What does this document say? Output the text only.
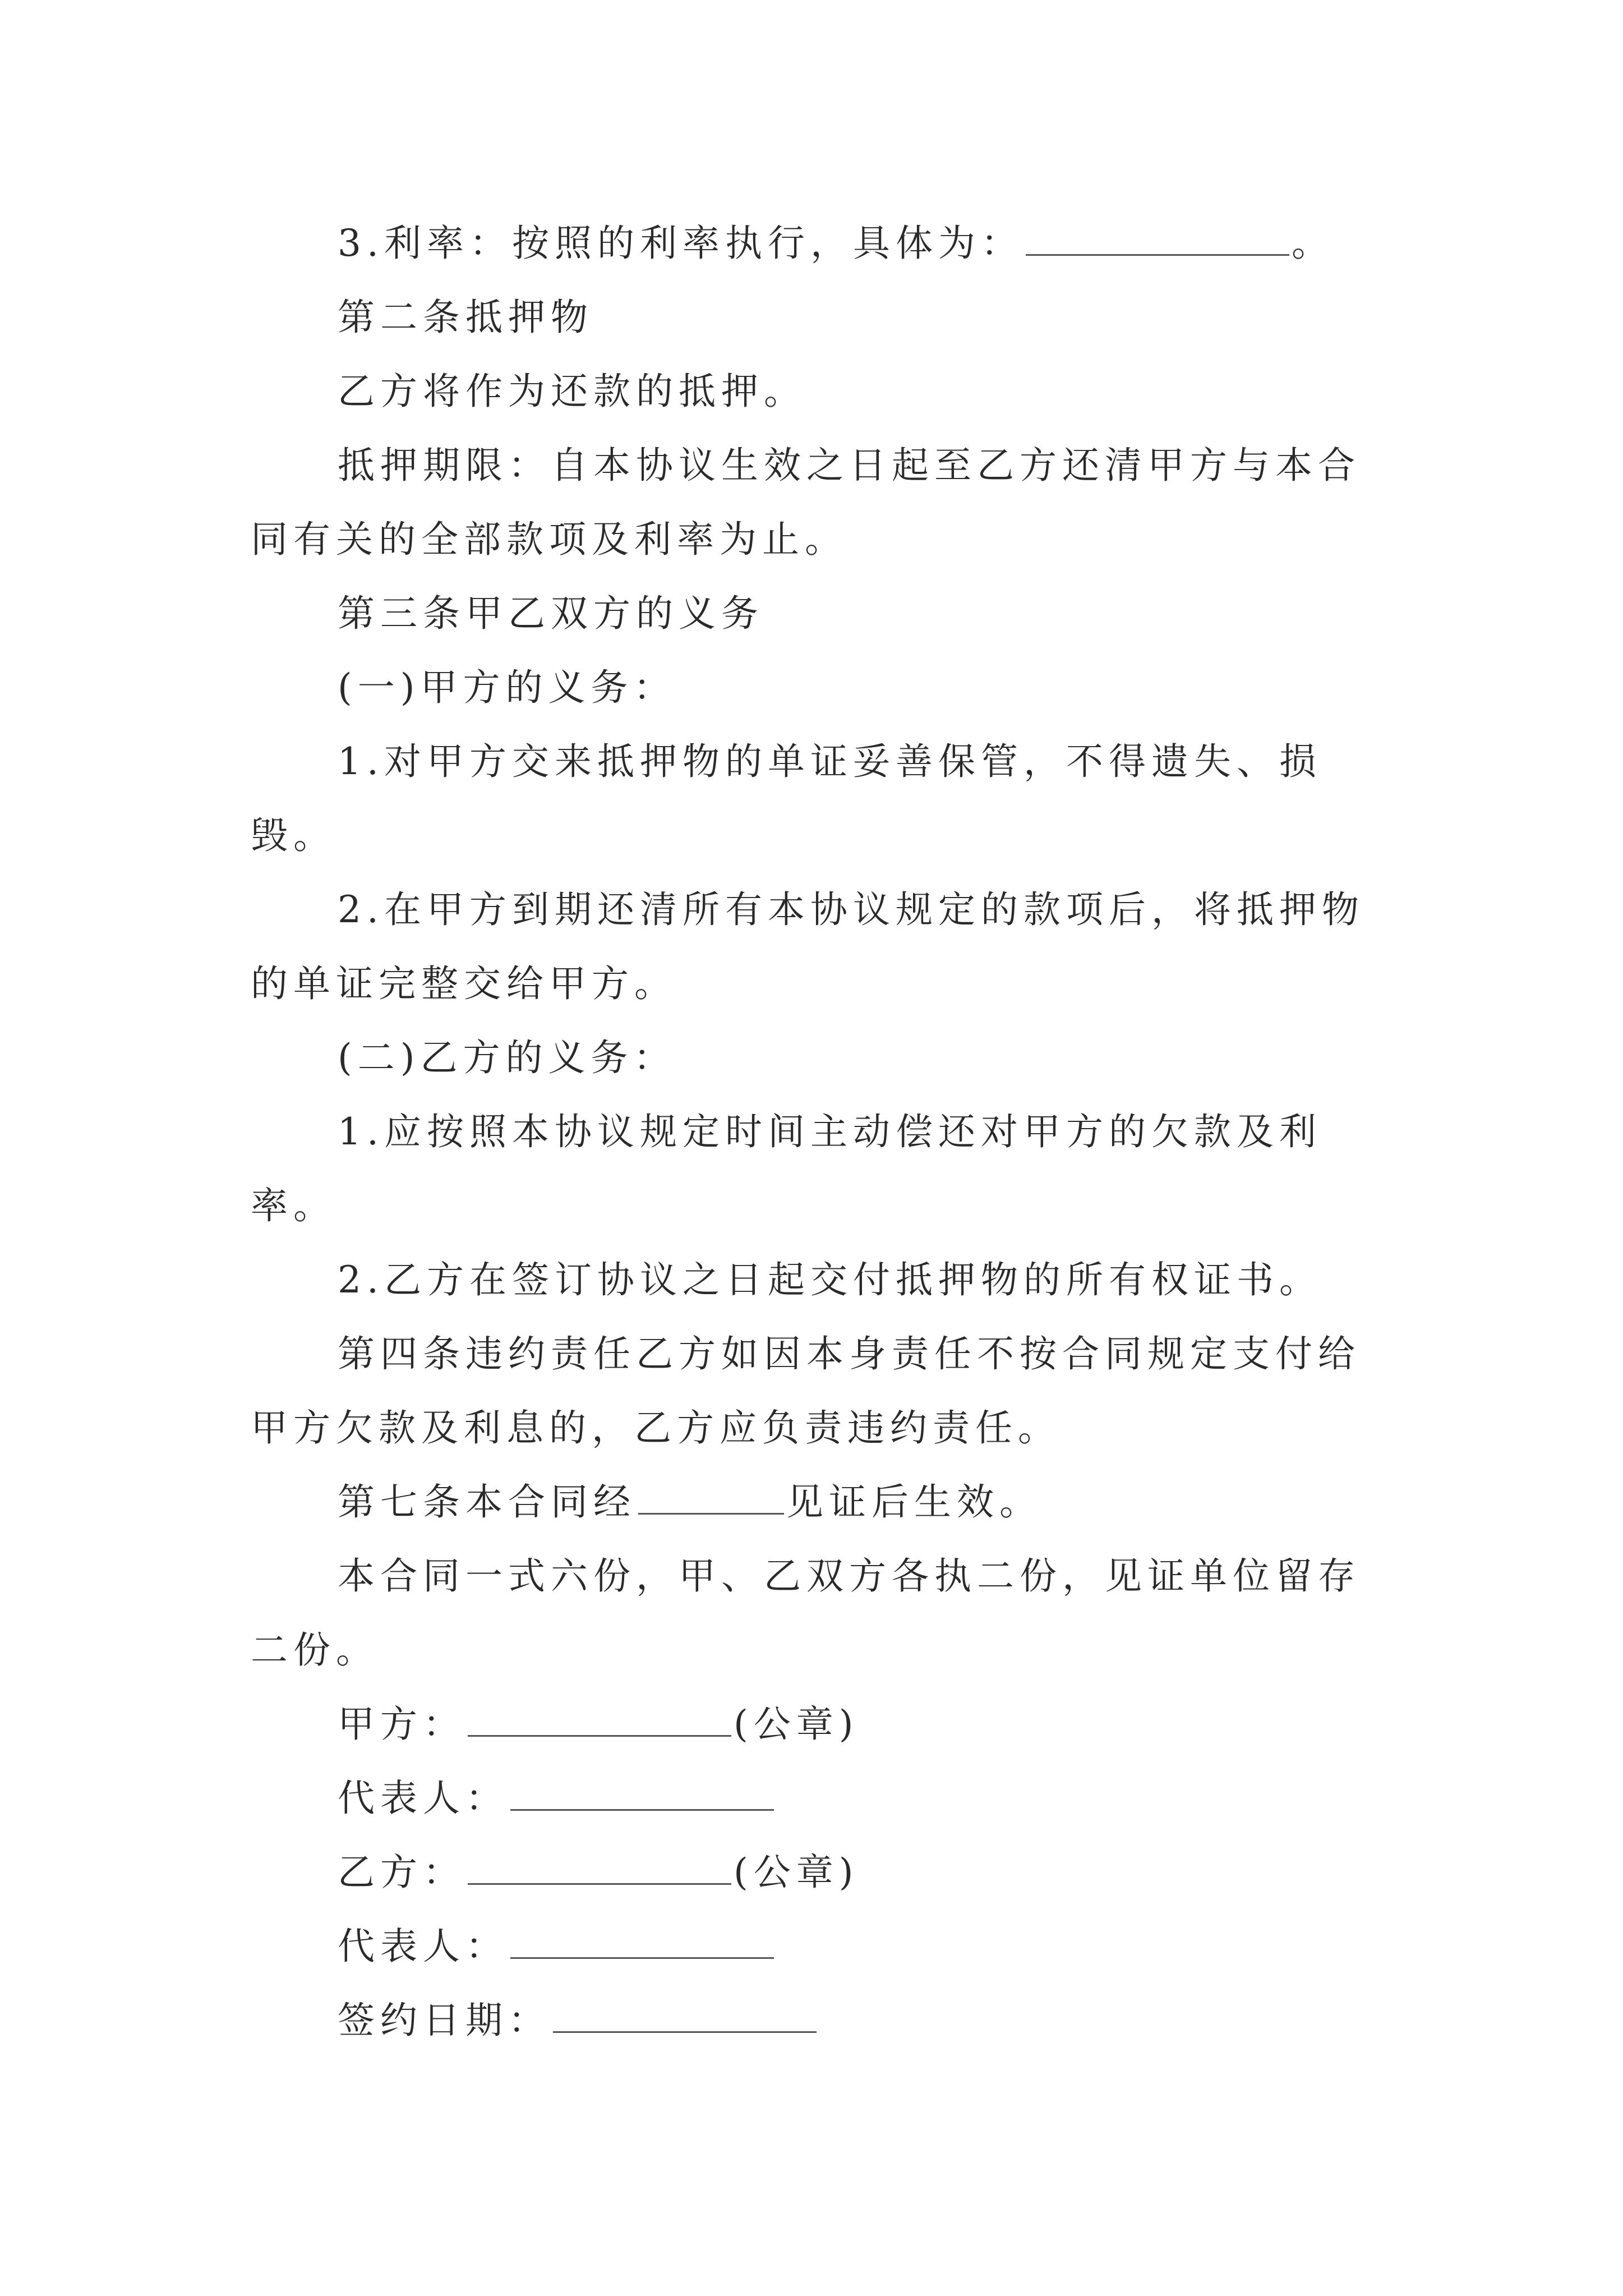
3.利率：按照的利率执行，具体为：	。

第二条抵押物

乙方将作为还款的抵押。

抵押期限：自本协议生效之日起至乙方还清甲方与本合同有关的全部款项及利率为止。

第三条甲乙双方的义务

(一)甲方的义务：

1.对甲方交来抵押物的单证妥善保管，不得遗失、损毁。

2.在甲方到期还清所有本协议规定的款项后，将抵押物的单证完整交给甲方。

(二)乙方的义务：

1.应按照本协议规定时间主动偿还对甲方的欠款及利率。

2.乙方在签订协议之日起交付抵押物的所有权证书。

第四条违约责任乙方如因本身责任不按合同规定支付给甲方欠款及利息的，乙方应负责违约责任。

第七条本合同经	见证后生效。

本合同一式六份，甲、乙双方各执二份，见证单位留存二份。

甲方：	(公章)

代表人：

乙方：	(公章)

代表人：

签约日期：
